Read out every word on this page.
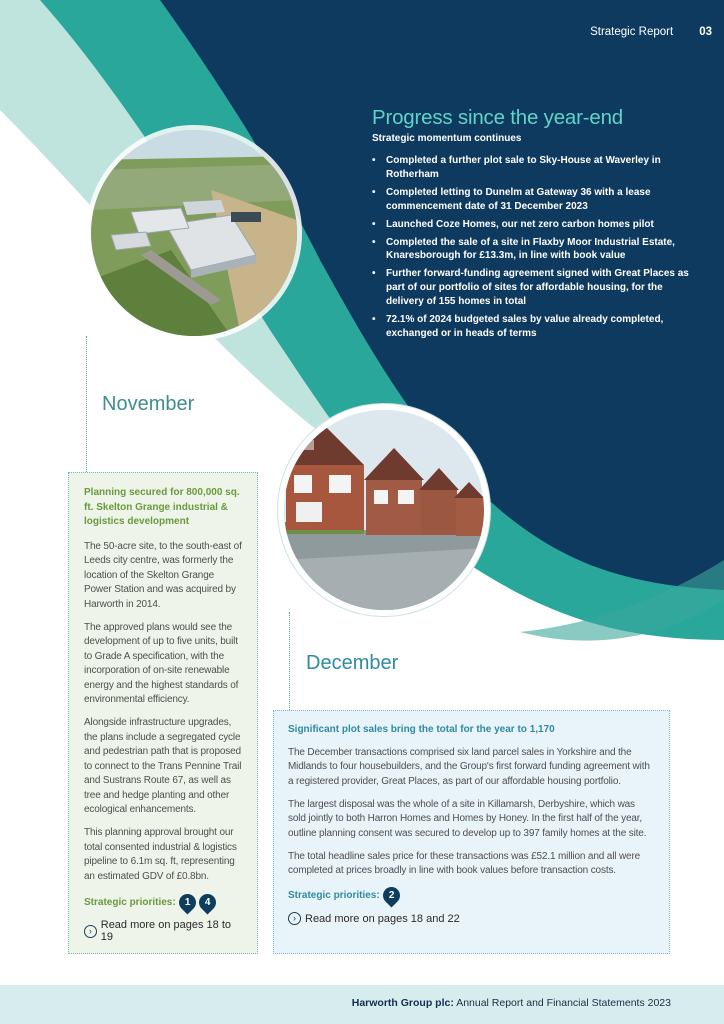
Strategic Report 03
Progress since the year-end
Strategic momentum continues
• Completed a further plot sale to Sky-House at Waverley in Rotherham
• Completed letting to Dunelm at Gateway 36 with a lease commencement date of 31 December 2023
• Launched Coze Homes, our net zero carbon homes pilot
• Completed the sale of a site in Flaxby Moor Industrial Estate, Knaresborough for £13.3m, in line with book value
• Further forward-funding agreement signed with Great Places as part of our portfolio of sites for affordable housing, for the delivery of 155 homes in total
• 72.1% of 2024 budgeted sales by value already completed, exchanged or in heads of terms
November
Planning secured for 800,000 sq. ft. Skelton Grange industrial & logistics development

The 50-acre site, to the south-east of Leeds city centre, was formerly the location of the Skelton Grange Power Station and was acquired by Harworth in 2014.

The approved plans would see the development of up to five units, built to Grade A specification, with the incorporation of on-site renewable energy and the highest standards of environmental efficiency.

Alongside infrastructure upgrades, the plans include a segregated cycle and pedestrian path that is proposed to connect to the Trans Pennine Trail and Sustrans Route 67, as well as tree and hedge planting and other ecological enhancements.

This planning approval brought our total consented industrial & logistics pipeline to 6.1m sq. ft, representing an estimated GDV of £0.8bn.

Strategic priorities: 1 4
› Read more on pages 18 to 19
December
Significant plot sales bring the total for the year to 1,170

The December transactions comprised six land parcel sales in Yorkshire and the Midlands to four housebuilders, and the Group's first forward funding agreement with a registered provider, Great Places, as part of our affordable housing portfolio.

The largest disposal was the whole of a site in Killamarsh, Derbyshire, which was sold jointly to both Harron Homes and Homes by Honey. In the first half of the year, outline planning consent was secured to develop up to 397 family homes at the site.

The total headline sales price for these transactions was £52.1 million and all were completed at prices broadly in line with book values before transaction costs.

Strategic priorities: 2
› Read more on pages 18 and 22
Harworth Group plc: Annual Report and Financial Statements 2023
